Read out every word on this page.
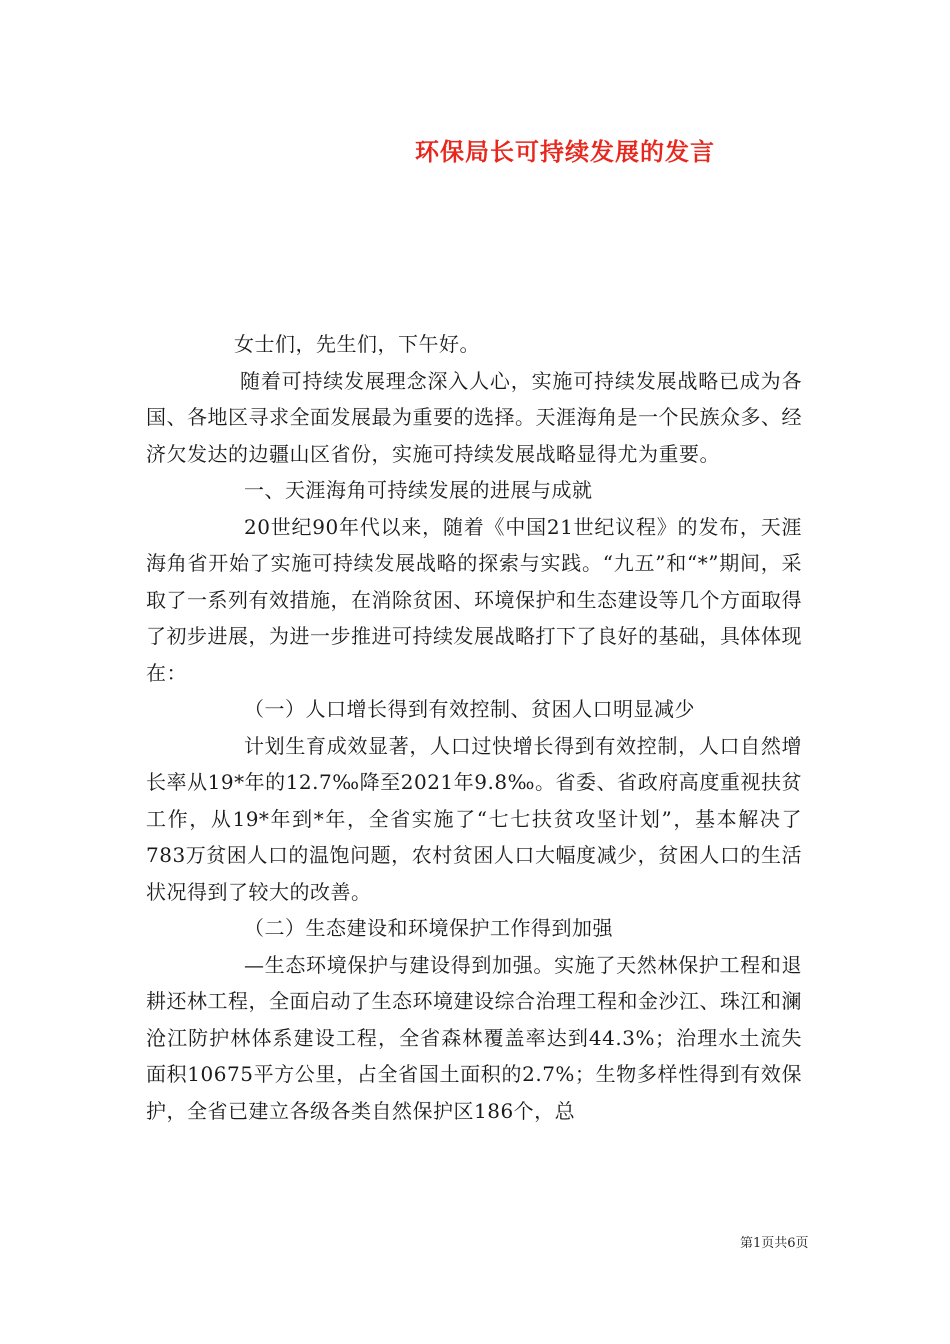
环保局长可持续发展的发言

女士们，先生们，下午好。

随着可持续发展理念深入人心，实施可持续发展战略已成为各国、各地区寻求全面发展最为重要的选择。天涯海角是一个民族众多、经济欠发达的边疆山区省份，实施可持续发展战略显得尤为重要。

一、天涯海角可持续发展的进展与成就

20世纪90年代以来，随着《中国21世纪议程》的发布，天涯海角省开始了实施可持续发展战略的探索与实践。“九五”和“*”期间，采取了一系列有效措施，在消除贫困、环境保护和生态建设等几个方面取得了初步进展，为进一步推进可持续发展战略打下了良好的基础，具体体现在：

（一）人口增长得到有效控制、贫困人口明显减少

计划生育成效显著，人口过快增长得到有效控制，人口自然增长率从19*年的12.7‰降至2021年9.8‰。省委、省政府高度重视扶贫工作，从19*年到*年，全省实施了“七七扶贫攻坚计划”，基本解决了783万贫困人口的温饱问题，农村贫困人口大幅度减少，贫困人口的生活状况得到了较大的改善。

（二）生态建设和环境保护工作得到加强

—生态环境保护与建设得到加强。实施了天然林保护工程和退耕还林工程，全面启动了生态环境建设综合治理工程和金沙江、珠江和澜沧江防护林体系建设工程，全省森林覆盖率达到44.3%；治理水土流失面积10675平方公里，占全省国土面积的2.7%；生物多样性得到有效保护，全省已建立各级各类自然保护区186个，总

第1页共6页
